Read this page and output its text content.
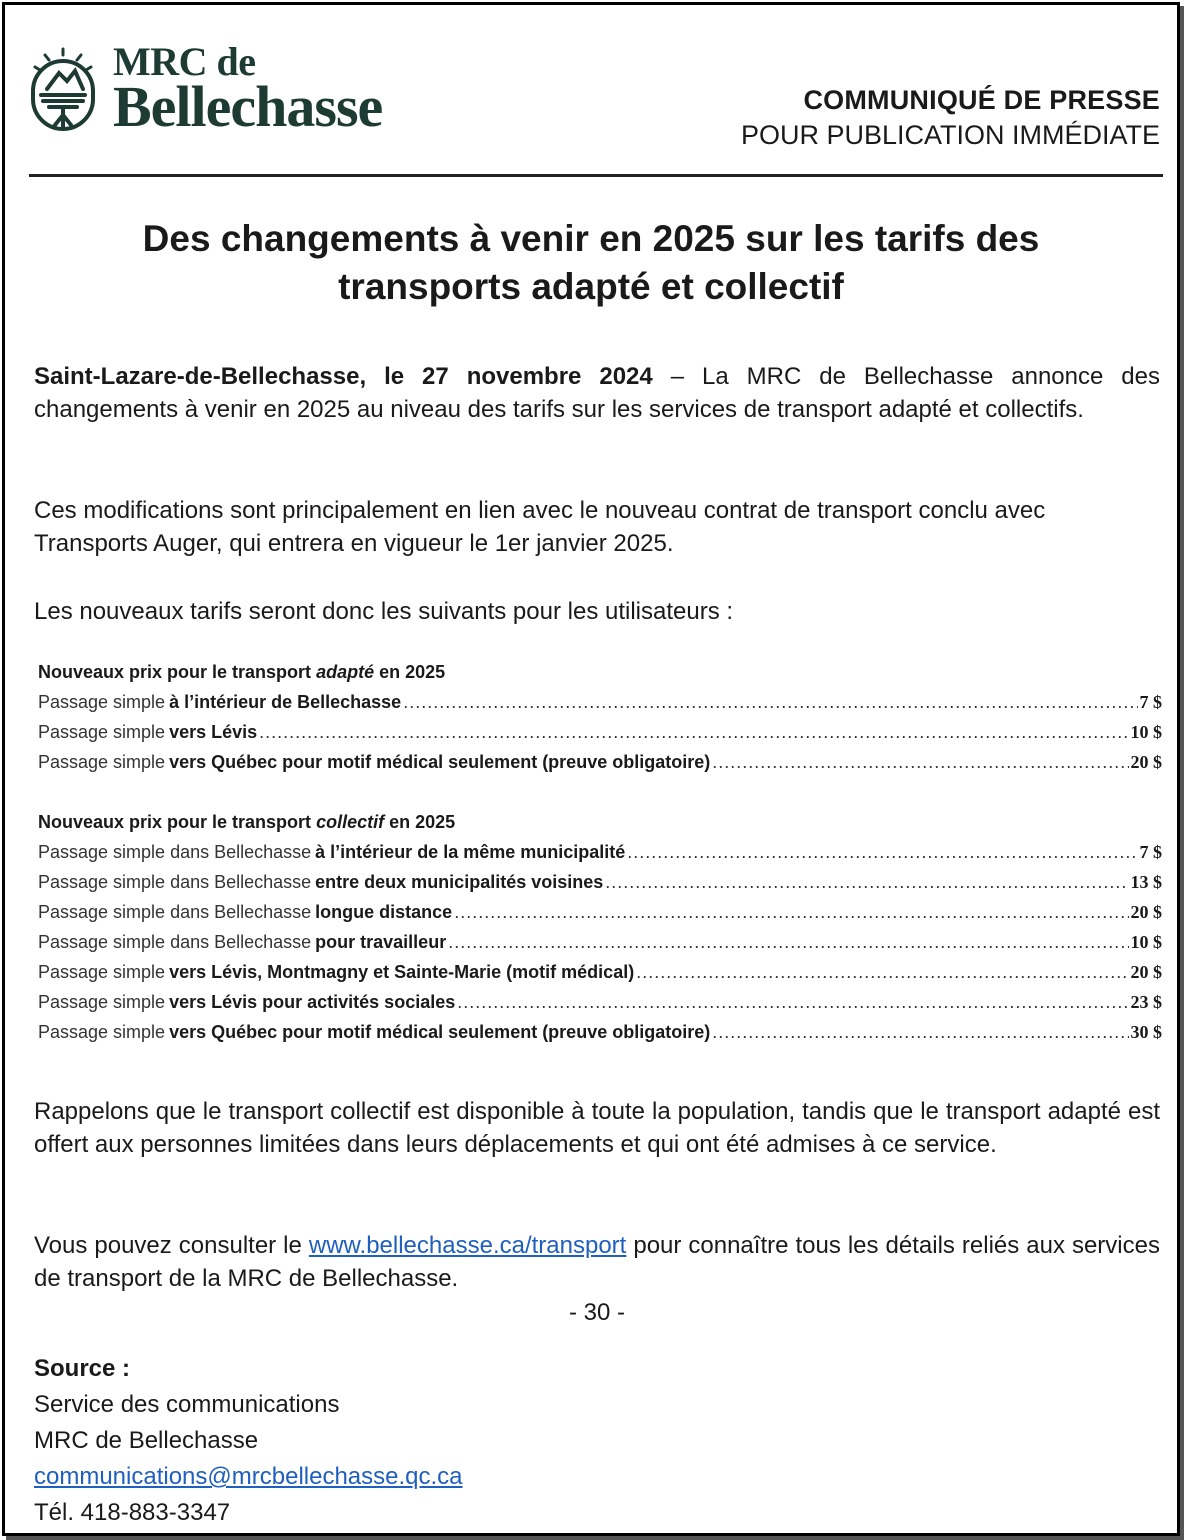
MRC de
Bellechasse	COMMUNIQUÉ DE PRESSE
POUR PUBLICATION IMMÉDIATE
Des changements à venir en 2025 sur les tarifs des
transports adapté et collectif
Saint-Lazare-de-Bellechasse, le 27 novembre 2024 – La MRC de Bellechasse annonce des changements à venir en 2025 au niveau des tarifs sur les services de transport adapté et collectifs.
Ces modifications sont principalement en lien avec le nouveau contrat de transport conclu avec Transports Auger, qui entrera en vigueur le 1er janvier 2025.
Les nouveaux tarifs seront donc les suivants pour les utilisateurs :
Nouveaux prix pour le transport adapté en 2025
Passage simple à l’intérieur de Bellechasse .....	7 $
Passage simple vers Lévis .....	10 $
Passage simple vers Québec pour motif médical seulement (preuve obligatoire) .....	20 $
Nouveaux prix pour le transport collectif en 2025
Passage simple dans Bellechasse à l’intérieur de la même municipalité .....	7 $
Passage simple dans Bellechasse entre deux municipalités voisines .....	13 $
Passage simple dans Bellechasse longue distance .....	20 $
Passage simple dans Bellechasse pour travailleur .....	10 $
Passage simple vers Lévis, Montmagny et Sainte-Marie (motif médical) .....	20 $
Passage simple vers Lévis pour activités sociales .....	23 $
Passage simple vers Québec pour motif médical seulement (preuve obligatoire) .....	30 $
Rappelons que le transport collectif est disponible à toute la population, tandis que le transport adapté est offert aux personnes limitées dans leurs déplacements et qui ont été admises à ce service.
Vous pouvez consulter le www.bellechasse.ca/transport pour connaître tous les détails reliés aux services de transport de la MRC de Bellechasse.
- 30 -
Source :
Service des communications
MRC de Bellechasse
communications@mrcbellechasse.qc.ca
Tél. 418-883-3347
